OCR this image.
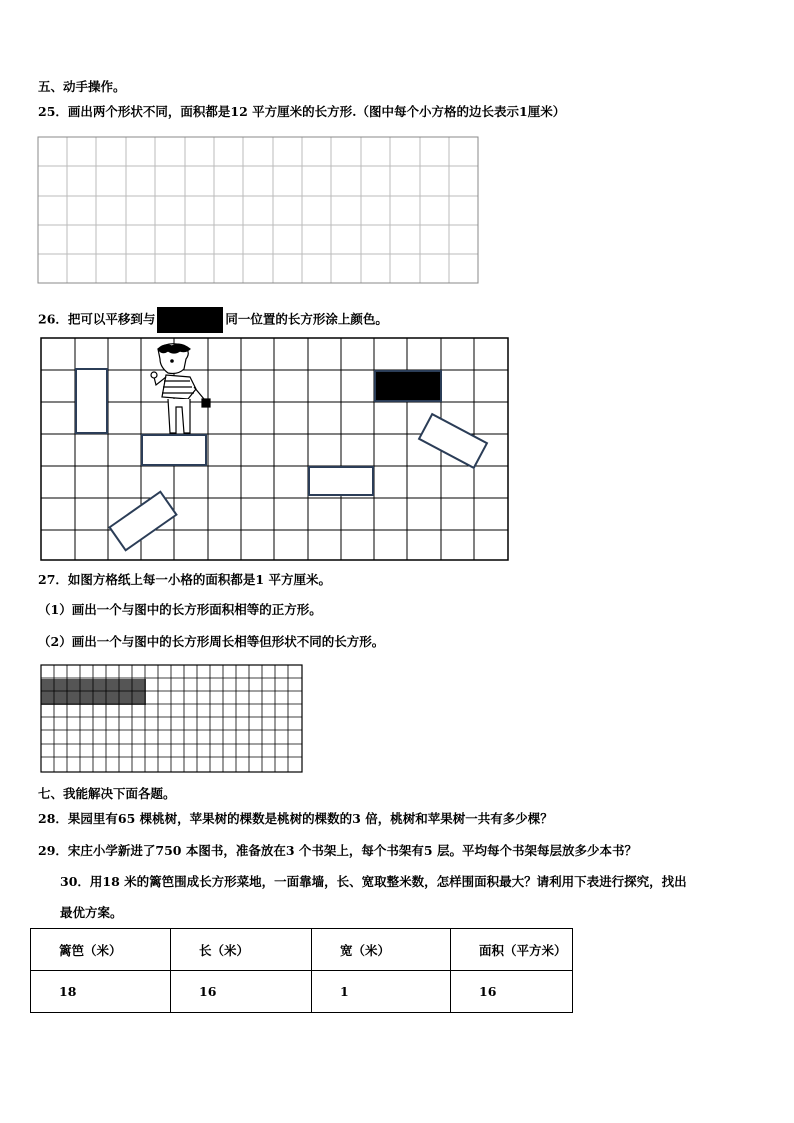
五、动手操作。
25．画出两个形状不同，面积都是12 平方厘米的长方形.（图中每个小方格的边长表示1厘米）
26．把可以平移到与	同一位置的长方形涂上颜色。
27．如图方格纸上每一小格的面积都是1 平方厘米。
（1）画出一个与图中的长方形面积相等的正方形。
（2）画出一个与图中的长方形周长相等但形状不同的长方形。
七、我能解决下面各题。
28．果园里有65 棵桃树，苹果树的棵数是桃树的棵数的3 倍，桃树和苹果树一共有多少棵？
29．宋庄小学新进了750 本图书，准备放在3 个书架上，每个书架有5 层。平均每个书架每层放多少本书？
30．用18 米的篱笆围成长方形菜地，一面靠墙，长、宽取整米数，怎样围面积最大？请利用下表进行探究，找出
最优方案。
篱笆（米）	长（米）	宽（米）	面积（平方米）
18	16	1	16
